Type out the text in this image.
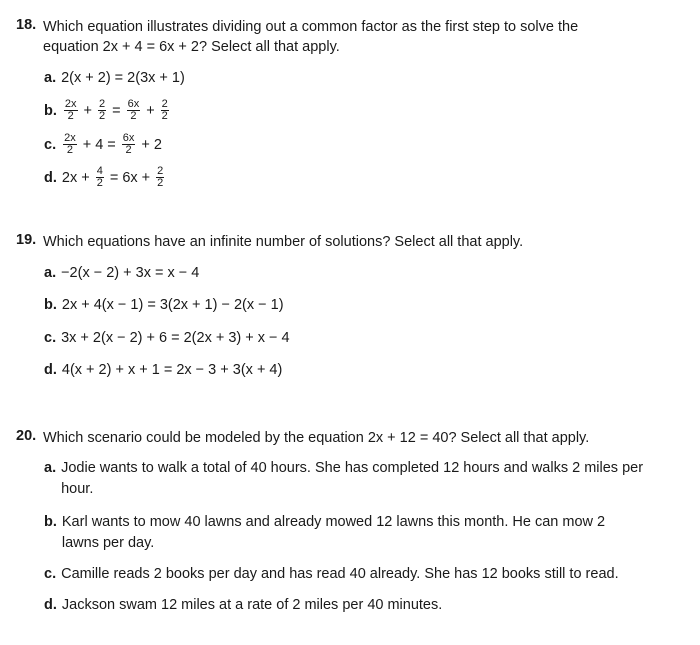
18. Which equation illustrates dividing out a common factor as the first step to solve the
equation 2x + 4 = 6x + 2? Select all that apply.
a. 2(x + 2) = 2(3x + 1)
b. $\frac{2x}{2} + \frac{2}{2} = \frac{6x}{2} + \frac{2}{2}$
c. $\frac{2x}{2} + 4 = \frac{6x}{2} + 2$
d. $2x + \frac{4}{2} = 6x + \frac{2}{2}$
19. Which equations have an infinite number of solutions? Select all that apply.
a. −2(x − 2) + 3x = x − 4
b. 2x + 4(x − 1) = 3(2x + 1) − 2(x − 1)
c. 3x + 2(x − 2) + 6 = 2(2x + 3) + x − 4
d. 4(x + 2) + x + 1 = 2x − 3 + 3(x + 4)
20. Which scenario could be modeled by the equation 2x + 12 = 40? Select all that apply.
a. Jodie wants to walk a total of 40 hours. She has completed 12 hours and walks 2 miles per hour.
b. Karl wants to mow 40 lawns and already mowed 12 lawns this month. He can mow 2 lawns per day.
c. Camille reads 2 books per day and has read 40 already. She has 12 books still to read.
d. Jackson swam 12 miles at a rate of 2 miles per 40 minutes.
